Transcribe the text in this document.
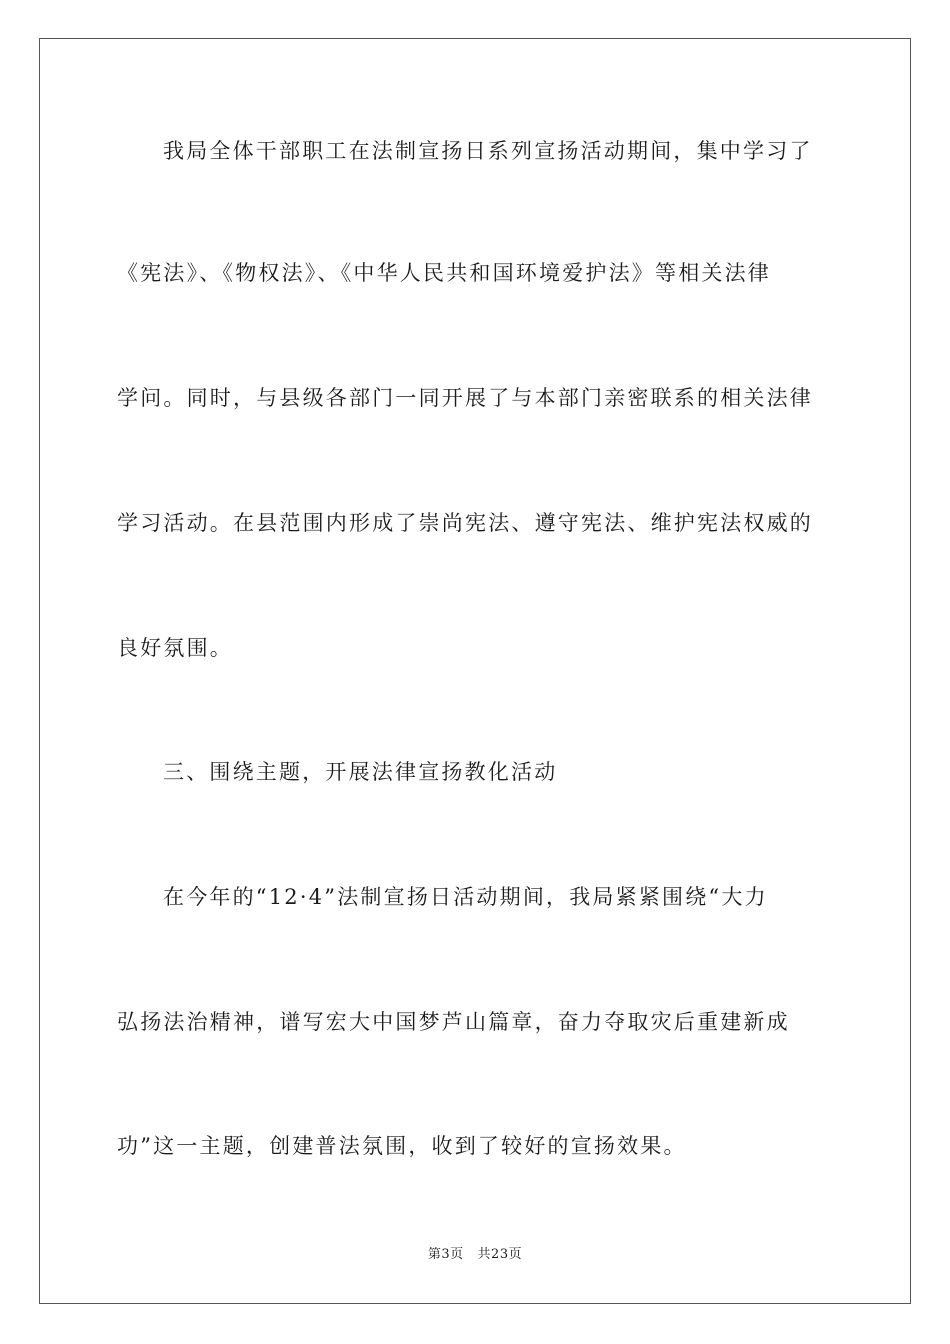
我局全体干部职工在法制宣扬日系列宣扬活动期间，集中学习了
《宪法》、《物权法》、《中华人民共和国环境爱护法》等相关法律
学问。同时，与县级各部门一同开展了与本部门亲密联系的相关法律
学习活动。在县范围内形成了崇尚宪法、遵守宪法、维护宪法权威的
良好氛围。
三、围绕主题，开展法律宣扬教化活动
在今年的“12·4”法制宣扬日活动期间，我局紧紧围绕“大力
弘扬法治精神，谱写宏大中国梦芦山篇章，奋力夺取灾后重建新成
功”这一主题，创建普法氛围，收到了较好的宣扬效果。
第3页   共23页
